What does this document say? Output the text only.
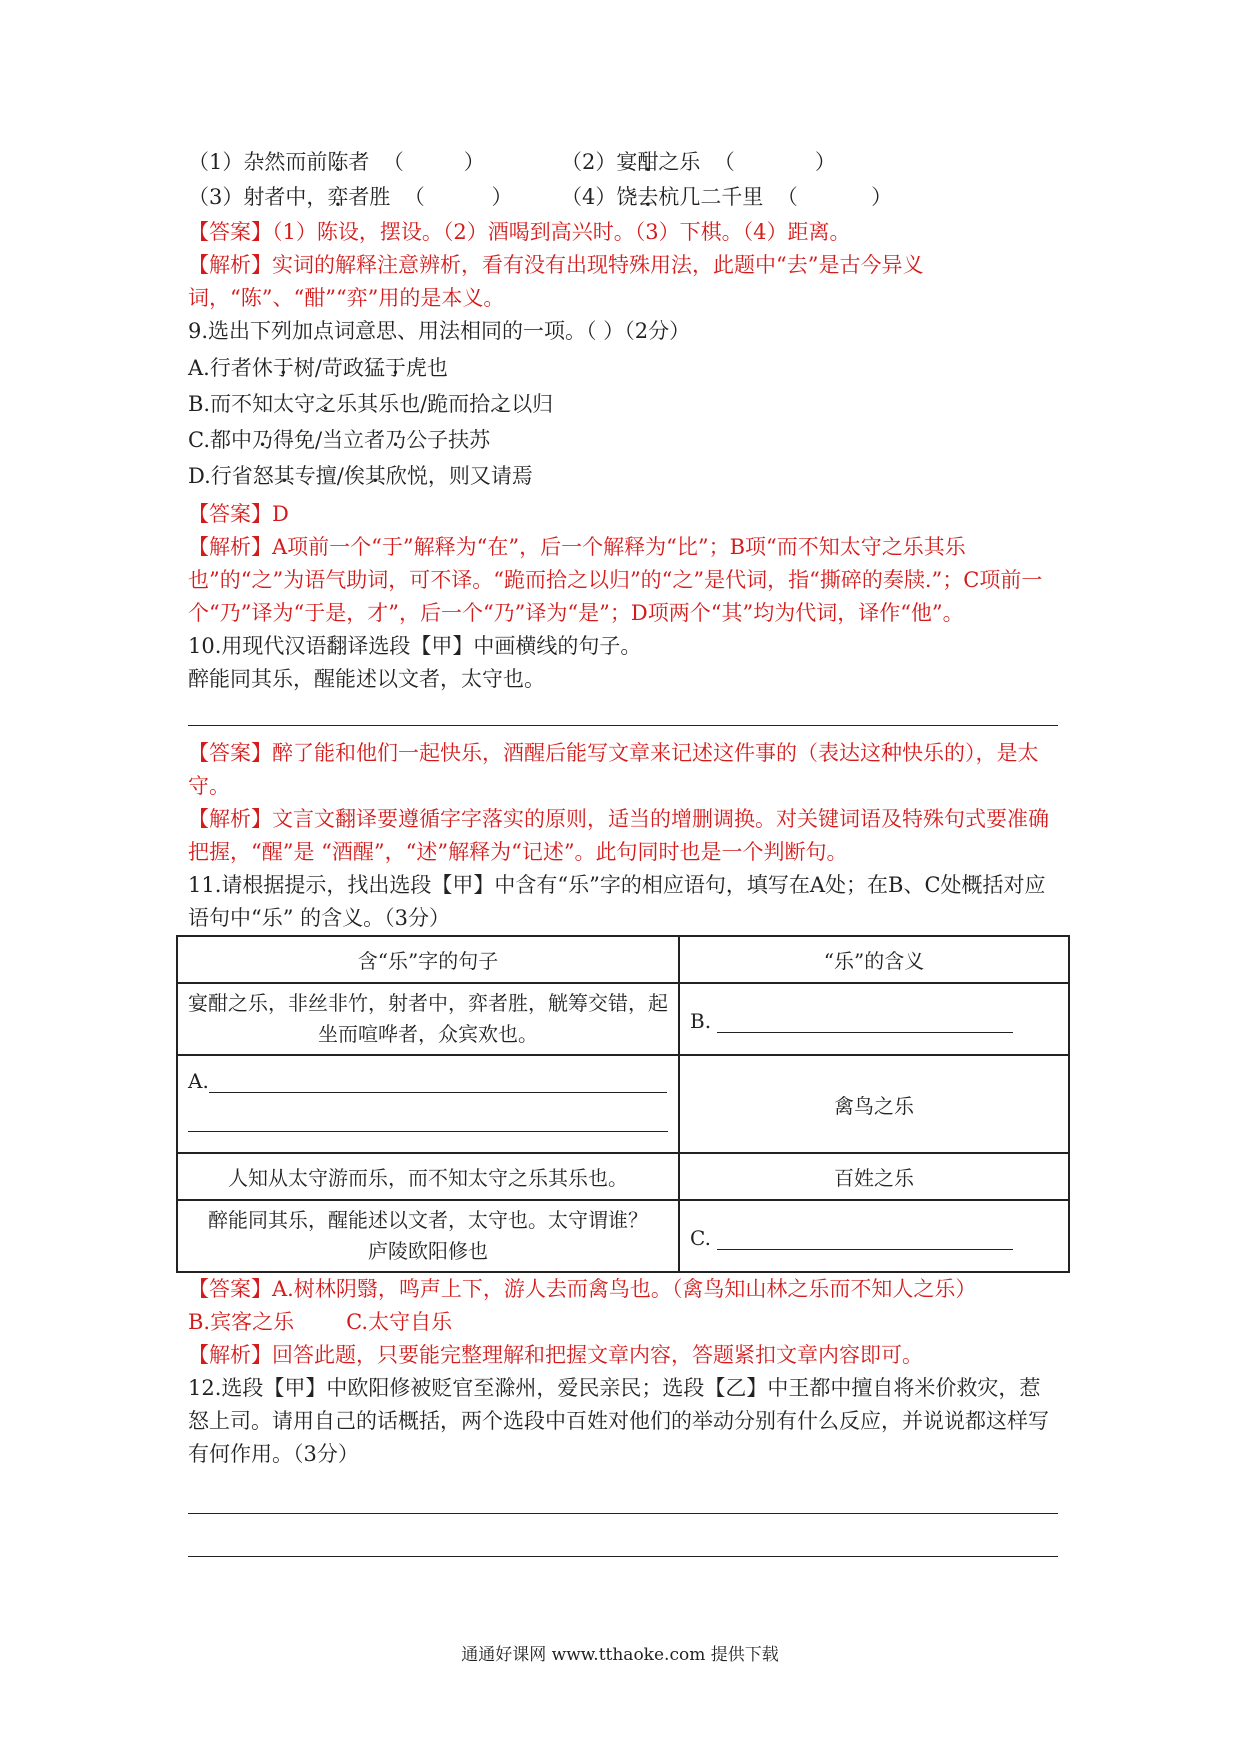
（1）杂然而前陈者  （         ）	（2）宴酣之乐  （            ）
（3）射者中，弈者胜  （          ）	（4）饶去杭几二千里  （           ）
【答案】（1）陈设，摆设。（2）酒喝到高兴时。（3）下棋。（4）距离。
【解析】实词的解释注意辨析，看有没有出现特殊用法，此题中“去”是古今异义词，“陈”、“酣”“弈”用的是本义。
9.选出下列加点词意思、用法相同的一项。（ ）（2分）
A.行者休于 •树/苛政猛于 •虎也
B.而不知太守之 •乐其乐也/跪而拾之 •以归
C.都中乃 •得免/当立者乃 •公子扶苏
D.行省怒其 •专擅/俟其 •欣悦，则又请焉
【答案】D
【解析】A项前一个“于”解释为“在”，后一个解释为“比”；B项“而不知太守之乐其乐也”的“之”为语气助词，可不译。“跪而拾之以归”的“之”是代词，指“撕碎的奏牍.”；C项前一个“乃”译为“于是，才”，后一个“乃”译为“是”；D项两个“其”均为代词，译作“他”。
10.用现代汉语翻译选段【甲】中画横线的句子。
醉能同其乐，醒能述以文者，太守也。
【答案】醉了能和他们一起快乐，酒醒后能写文章来记述这件事的（表达这种快乐的），是太守。
【解析】文言文翻译要遵循字字落实的原则，适当的增删调换。对关键词语及特殊句式要准确把握，“醒”是 “酒醒”，“述”解释为“记述”。此句同时也是一个判断句。
11.请根据提示，找出选段【甲】中含有“乐”字的相应语句，填写在A处；在B、C处概括对应语句中“乐” 的含义。（3分）
含“乐”字的句子	“乐”的含义
宴酣之乐，非丝非竹，射者中，弈者胜，觥筹交错，起坐而喧哗者，众宾欢也。	B.

A.	禽鸟之乐
人知从太守游而乐，而不知太守之乐其乐也。	百姓之乐

醉能同其乐，醒能述以文者，太守也。太守谓谁？
庐陵欧阳修也	C.
【答案】A.树林阴翳，鸣声上下，游人去而禽鸟也。（禽鸟知山林之乐而不知人之乐）
B.宾客之乐 C.太守自乐
【解析】回答此题，只要能完整理解和把握文章内容，答题紧扣文章内容即可。
12.选段【甲】中欧阳修被贬官至滁州，爱民亲民；选段【乙】中王都中擅自将米价救灾，惹怒上司。请用自己的话概括，两个选段中百姓对他们的举动分别有什么反应，并说说都这样写有何作用。（3分）
通通好课网 www.tthaoke.com 提供下载
